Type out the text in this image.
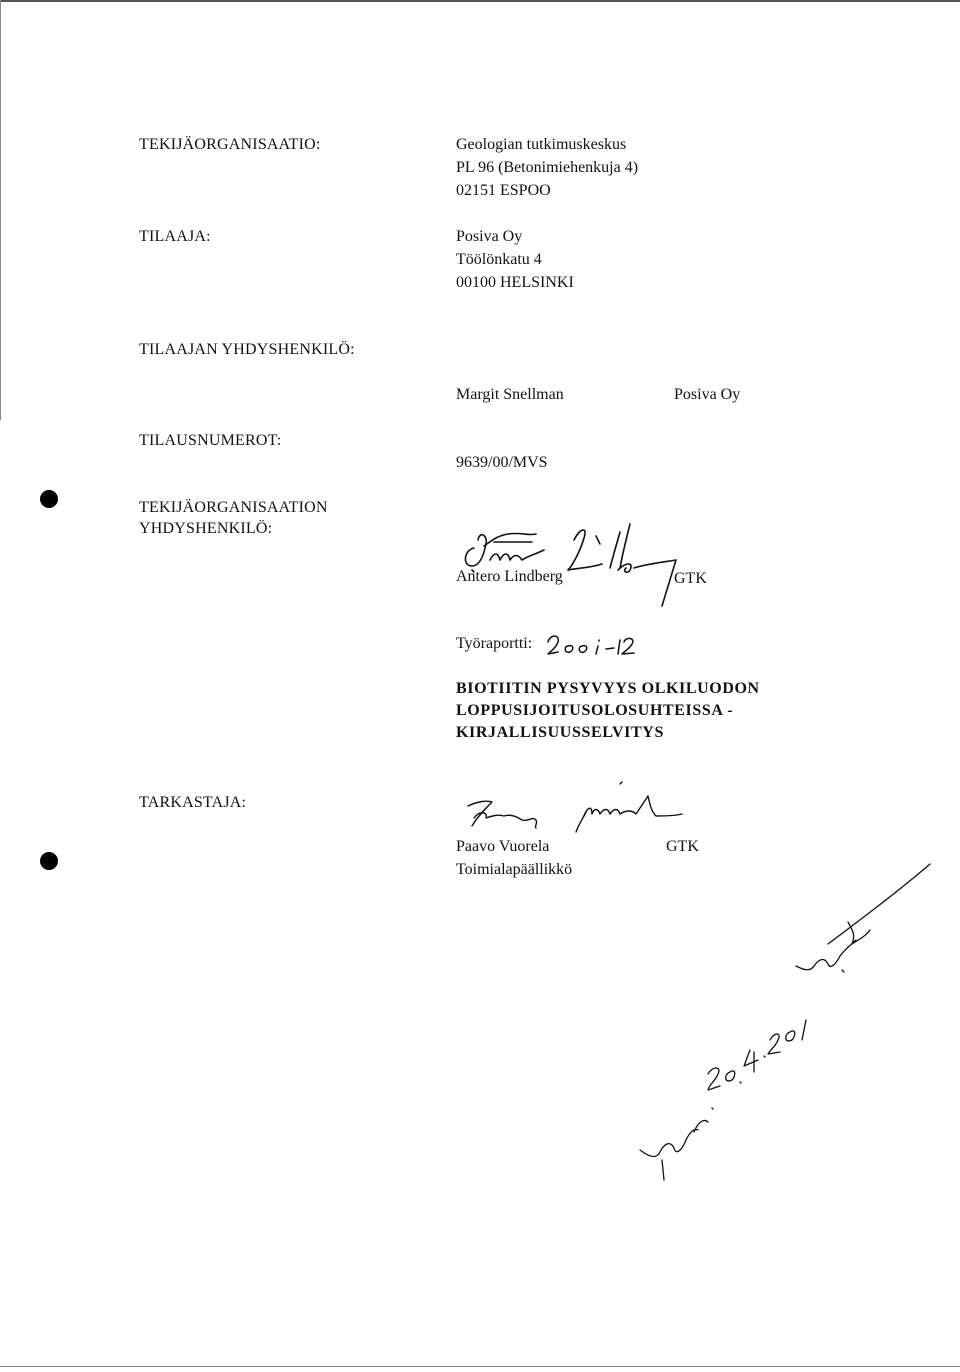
TEKIJÄORGANISAATIO:	Geologian tutkimuskeskus
PL 96 (Betonimiehenkuja 4)
02151 ESPOO
TILAAJA:	Posiva Oy
Töölönkatu 4
00100 HELSINKI
TILAAJAN YHDYSHENKILÖ:
Margit Snellman	Posiva Oy
TILAUSNUMEROT:
9639/00/MVS
TEKIJÄORGANISAATION
YHDYSHENKILÖ:
Antero Lindberg	GTK
Työraportti:
BIOTIITIN PYSYVYYS OLKILUODON
LOPPUSIJOITUSOLOSUHTEISSA -
KIRJALLISUUSSELVITYS
TARKASTAJA:
Paavo Vuorela	GTK
Toimialapäällikkö
